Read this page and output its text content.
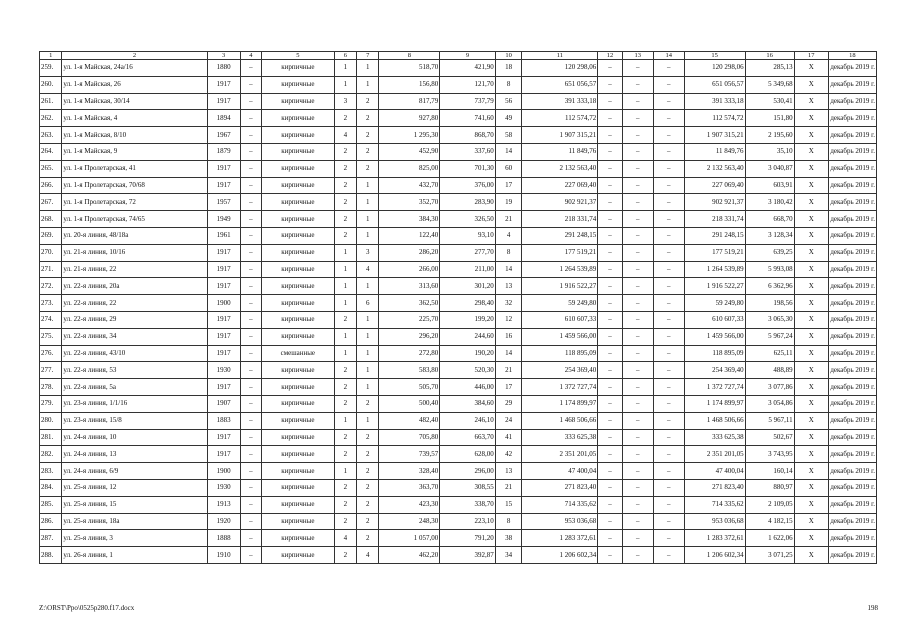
1	2	3	4	5	6	7	8	9	10	11	12	13	14	15	16	17	18
259.	ул. 1-я Майская, 24а/16	1880	–	кирпичные	1	1	518,70	421,90	18	120 298,06	–	–	–	120 298,06	285,13	X	декабрь 2019 г.
260.	ул. 1-я Майская, 26	1917	–	кирпичные	1	1	156,80	121,70	8	651 056,57	–	–	–	651 056,57	5 349,68	X	декабрь 2019 г.
261.	ул. 1-я Майская, 30/14	1917	–	кирпичные	3	2	817,79	737,79	56	391 333,18	–	–	–	391 333,18	530,41	X	декабрь 2019 г.
262.	ул. 1-я Майская, 4	1894	–	кирпичные	2	2	927,80	741,60	49	112 574,72	–	–	–	112 574,72	151,80	X	декабрь 2019 г.
263.	ул. 1-я Майская, 8/10	1967	–	кирпичные	4	2	1 295,30	868,70	58	1 907 315,21	–	–	–	1 907 315,21	2 195,60	X	декабрь 2019 г.
264.	ул. 1-я Майская, 9	1879	–	кирпичные	2	2	452,90	337,60	14	11 849,76	–	–	–	11 849,76	35,10	X	декабрь 2019 г.
265.	ул. 1-я Пролетарская, 41	1917	–	кирпичные	2	2	825,00	701,30	60	2 132 563,40	–	–	–	2 132 563,40	3 040,87	X	декабрь 2019 г.
266.	ул. 1-я Пролетарская, 70/68	1917	–	кирпичные	2	1	432,70	376,00	17	227 069,40	–	–	–	227 069,40	603,91	X	декабрь 2019 г.
267.	ул. 1-я Пролетарская, 72	1957	–	кирпичные	2	1	352,70	283,90	19	902 921,37	–	–	–	902 921,37	3 180,42	X	декабрь 2019 г.
268.	ул. 1-я Пролетарская, 74/65	1949	–	кирпичные	2	1	384,30	326,50	21	218 331,74	–	–	–	218 331,74	668,70	X	декабрь 2019 г.
269.	ул. 20-я линия, 48/18а	1961	–	кирпичные	2	1	122,40	93,10	4	291 248,15	–	–	–	291 248,15	3 128,34	X	декабрь 2019 г.
270.	ул. 21-я линия, 10/16	1917	–	кирпичные	1	3	286,20	277,70	8	177 519,21	–	–	–	177 519,21	639,25	X	декабрь 2019 г.
271.	ул. 21-я линия, 22	1917	–	кирпичные	1	4	266,00	211,00	14	1 264 539,89	–	–	–	1 264 539,89	5 993,08	X	декабрь 2019 г.
272.	ул. 22-я линия, 20а	1917	–	кирпичные	1	1	313,60	301,20	13	1 916 522,27	–	–	–	1 916 522,27	6 362,96	X	декабрь 2019 г.
273.	ул. 22-я линия, 22	1900	–	кирпичные	1	6	362,50	298,40	32	59 249,80	–	–	–	59 249,80	198,56	X	декабрь 2019 г.
274.	ул. 22-я линия, 29	1917	–	кирпичные	2	1	225,70	199,20	12	610 607,33	–	–	–	610 607,33	3 065,30	X	декабрь 2019 г.
275.	ул. 22-я линия, 34	1917	–	кирпичные	1	1	296,20	244,60	16	1 459 566,00	–	–	–	1 459 566,00	5 967,24	X	декабрь 2019 г.
276.	ул. 22-я линия, 43/10	1917	–	смешанные	1	1	272,80	190,20	14	118 895,09	–	–	–	118 895,09	625,11	X	декабрь 2019 г.
277.	ул. 22-я линия, 53	1930	–	кирпичные	2	1	583,80	520,30	21	254 369,40	–	–	–	254 369,40	488,89	X	декабрь 2019 г.
278.	ул. 22-я линия, 5а	1917	–	кирпичные	2	1	505,70	446,00	17	1 372 727,74	–	–	–	1 372 727,74	3 077,86	X	декабрь 2019 г.
279.	ул. 23-я линия, 1/1/16	1907	–	кирпичные	2	2	500,40	384,60	29	1 174 899,97	–	–	–	1 174 899,97	3 054,86	X	декабрь 2019 г.
280.	ул. 23-я линия, 15/8	1883	–	кирпичные	1	1	482,40	246,10	24	1 468 506,66	–	–	–	1 468 506,66	5 967,11	X	декабрь 2019 г.
281.	ул. 24-я линия, 10	1917	–	кирпичные	2	2	705,80	663,70	41	333 625,38	–	–	–	333 625,38	502,67	X	декабрь 2019 г.
282.	ул. 24-я линия, 13	1917	–	кирпичные	2	2	739,57	628,00	42	2 351 201,05	–	–	–	2 351 201,05	3 743,95	X	декабрь 2019 г.
283.	ул. 24-я линия, 6/9	1900	–	кирпичные	1	2	328,40	296,00	13	47 400,04	–	–	–	47 400,04	160,14	X	декабрь 2019 г.
284.	ул. 25-я линия, 12	1930	–	кирпичные	2	2	363,70	308,55	21	271 823,40	–	–	–	271 823,40	880,97	X	декабрь 2019 г.
285.	ул. 25-я линия, 15	1913	–	кирпичные	2	2	423,30	338,70	15	714 335,62	–	–	–	714 335,62	2 109,05	X	декабрь 2019 г.
286.	ул. 25-я линия, 18а	1920	–	кирпичные	2	2	248,30	223,10	8	953 036,68	–	–	–	953 036,68	4 182,15	X	декабрь 2019 г.
287.	ул. 25-я линия, 3	1888	–	кирпичные	4	2	1 057,00	791,20	38	1 283 372,61	–	–	–	1 283 372,61	1 622,06	X	декабрь 2019 г.
288.	ул. 26-я линия, 1	1910	–	кирпичные	2	4	462,20	392,87	34	1 206 602,34	–	–	–	1 206 602,34	3 071,25	X	декабрь 2019 г.
Z:\ORST\Ppo\0525p280.f17.docx	198
